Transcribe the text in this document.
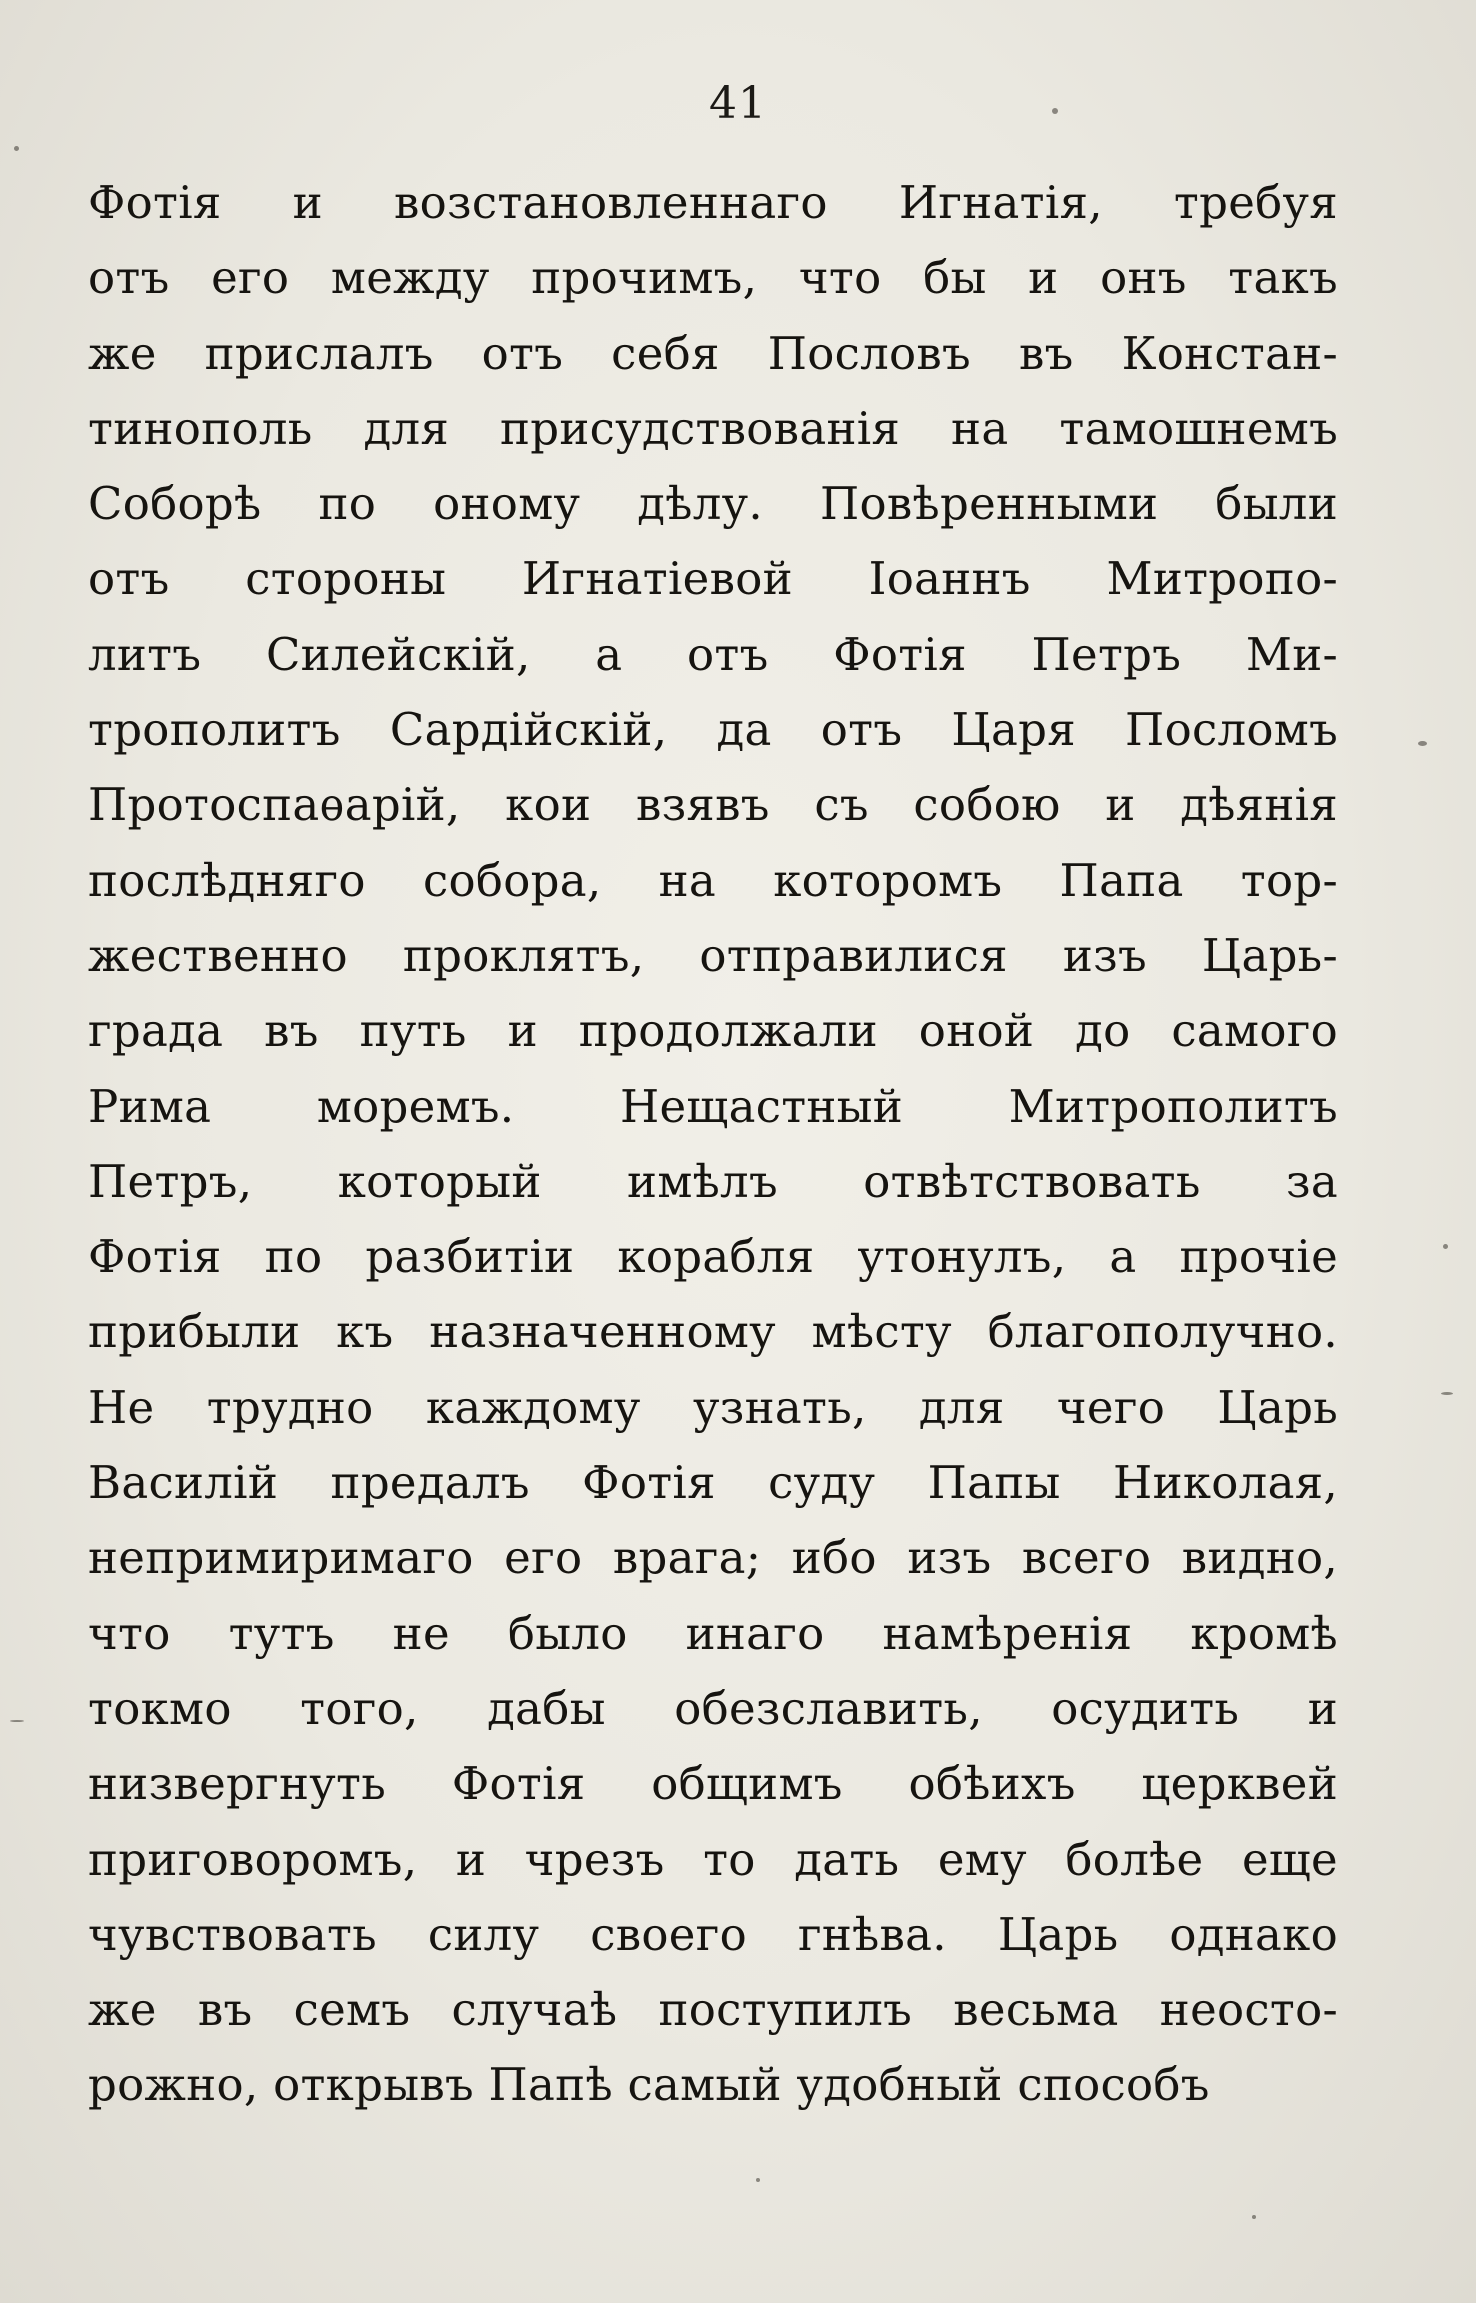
41
Фотія и возстановленнаго Игнатія, требуя
отъ его между прочимъ, что бы и онъ такъ
же прислалъ отъ себя Пословъ въ Констан-
тинополь для присудствованія на тамошнемъ
Соборѣ по оному дѣлу. Повѣренными были
отъ стороны Игнатіевой Іоаннъ Митропо-
литъ Силейскій, а отъ Фотія Петръ Ми-
трополитъ Сардійскій, да отъ Царя Посломъ
Протоспаѳарій, кои взявъ съ собою и дѣянія
послѣдняго собора, на которомъ Папа тор-
жественно проклятъ, отправилися изъ Царь-
града въ путь и продолжали оной до самого
Рима моремъ. Нещастный Митрополитъ
Петръ, который имѣлъ отвѣтствовать за
Фотія по разбитіи корабля утонулъ, а прочіе
прибыли къ назначенному мѣсту благополучно.
Не трудно каждому узнать, для чего Царь
Василій предалъ Фотія суду Папы Николая,
непримиримаго его врага; ибо изъ всего видно,
что тутъ не было инаго намѣренія кромѣ
токмо того, дабы обезславить, осудить и
низвергнуть Фотія общимъ обѣихъ церквей
приговоромъ, и чрезъ то дать ему болѣе еще
чувствовать силу своего гнѣва. Царь однако
же въ семъ случаѣ поступилъ весьма неосто-
рожно, открывъ Папѣ самый удобный способъ
